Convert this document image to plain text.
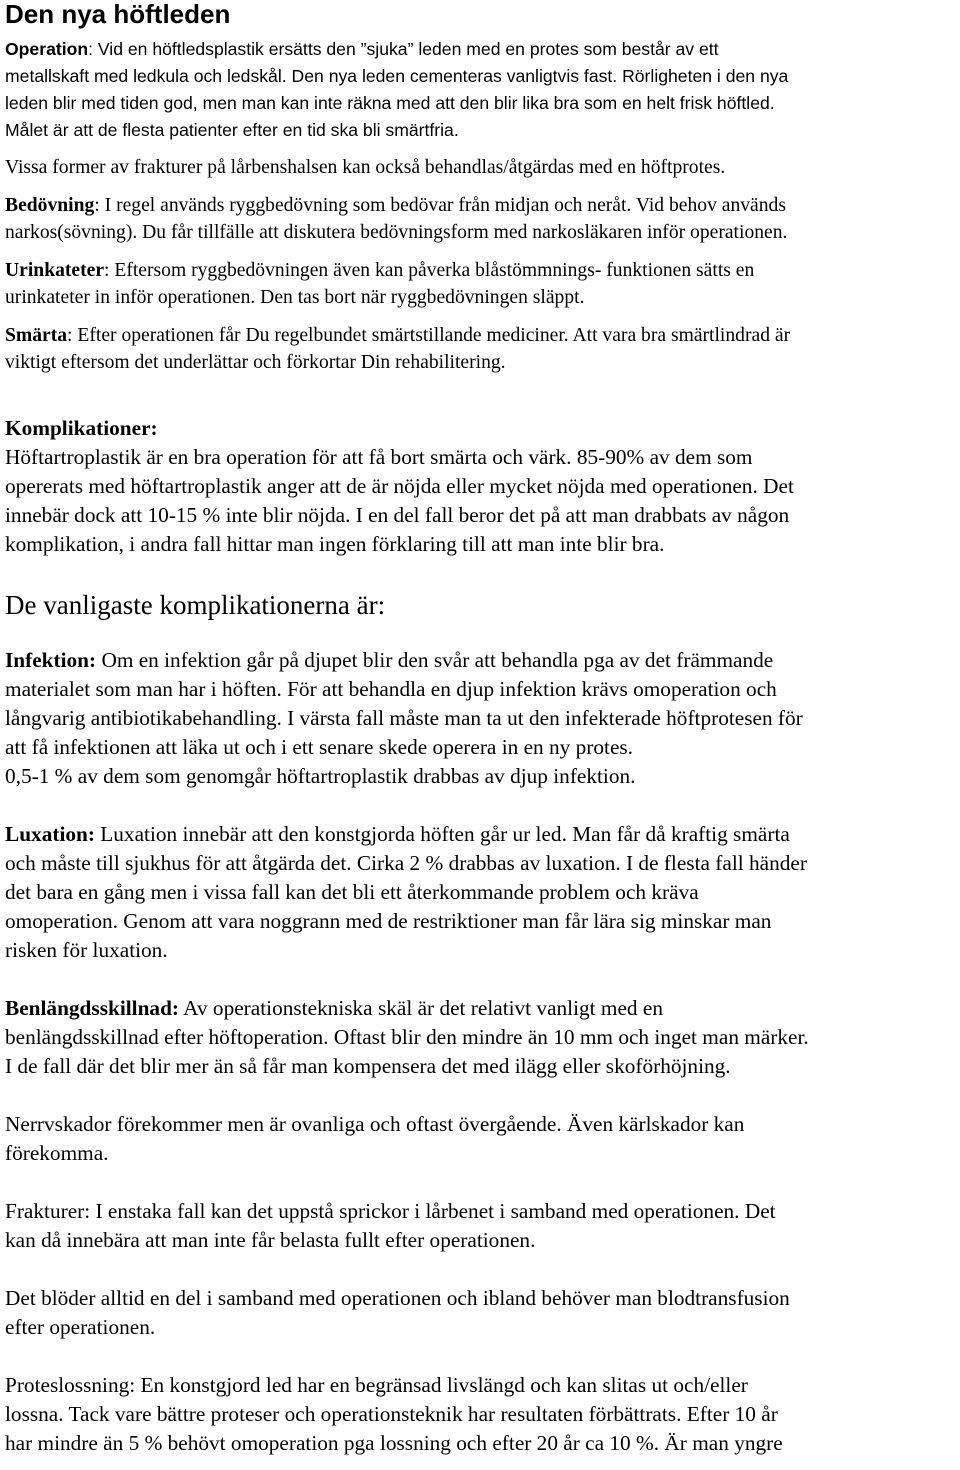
Den nya höftleden
Operation: Vid en höftledsplastik ersätts den ”sjuka” leden med en protes som består av ett
metallskaft med ledkula och ledskål. Den nya leden cementeras vanligtvis fast. Rörligheten i den nya
leden blir med tiden god, men man kan inte räkna med att den blir lika bra som en helt frisk höftled.
Målet är att de flesta patienter efter en tid ska bli smärtfria.
Vissa former av frakturer på lårbenshalsen kan också behandlas/åtgärdas med en höftprotes.
Bedövning: I regel används ryggbedövning som bedövar från midjan och neråt. Vid behov används
narkos(sövning). Du får tillfälle att diskutera bedövningsform med narkosläkaren inför operationen.
Urinkateter: Eftersom ryggbedövningen även kan påverka blåstömmnings- funktionen sätts en
urinkateter in inför operationen. Den tas bort när ryggbedövningen släppt.
Smärta: Efter operationen får Du regelbundet smärtstillande mediciner. Att vara bra smärtlindrad är
viktigt eftersom det underlättar och förkortar Din rehabilitering.
Komplikationer:
Höftartroplastik är en bra operation för att få bort smärta och värk. 85-90% av dem som
opererats med höftartroplastik anger att de är nöjda eller mycket nöjda med operationen. Det
innebär dock att 10-15 % inte blir nöjda. I en del fall beror det på att man drabbats av någon
komplikation, i andra fall hittar man ingen förklaring till att man inte blir bra.
De vanligaste komplikationerna är:
Infektion: Om en infektion går på djupet blir den svår att behandla pga av det främmande
materialet som man har i höften. För att behandla en djup infektion krävs omoperation och
långvarig antibiotikabehandling. I värsta fall måste man ta ut den infekterade höftprotesen för
att få infektionen att läka ut och i ett senare skede operera in en ny protes.
0,5-1 % av dem som genomgår höftartroplastik drabbas av djup infektion.
Luxation: Luxation innebär att den konstgjorda höften går ur led. Man får då kraftig smärta
och måste till sjukhus för att åtgärda det. Cirka 2 % drabbas av luxation. I de flesta fall händer
det bara en gång men i vissa fall kan det bli ett återkommande problem och kräva
omoperation. Genom att vara noggrann med de restriktioner man får lära sig minskar man
risken för luxation.
Benlängdsskillnad: Av operationstekniska skäl är det relativt vanligt med en
benlängdsskillnad efter höftoperation. Oftast blir den mindre än 10 mm och inget man märker.
I de fall där det blir mer än så får man kompensera det med ilägg eller skoförhöjning.
Nerrvskador förekommer men är ovanliga och oftast övergående. Även kärlskador kan
förekomma.
Frakturer: I enstaka fall kan det uppstå sprickor i lårbenet i samband med operationen. Det
kan då innebära att man inte får belasta fullt efter operationen.
Det blöder alltid en del i samband med operationen och ibland behöver man blodtransfusion
efter operationen.
Proteslossning: En konstgjord led har en begränsad livslängd och kan slitas ut och/eller
lossna. Tack vare bättre proteser och operationsteknik har resultaten förbättrats. Efter 10 år
har mindre än 5 % behövt omoperation pga lossning och efter 20 år ca 10 %. Är man yngre
